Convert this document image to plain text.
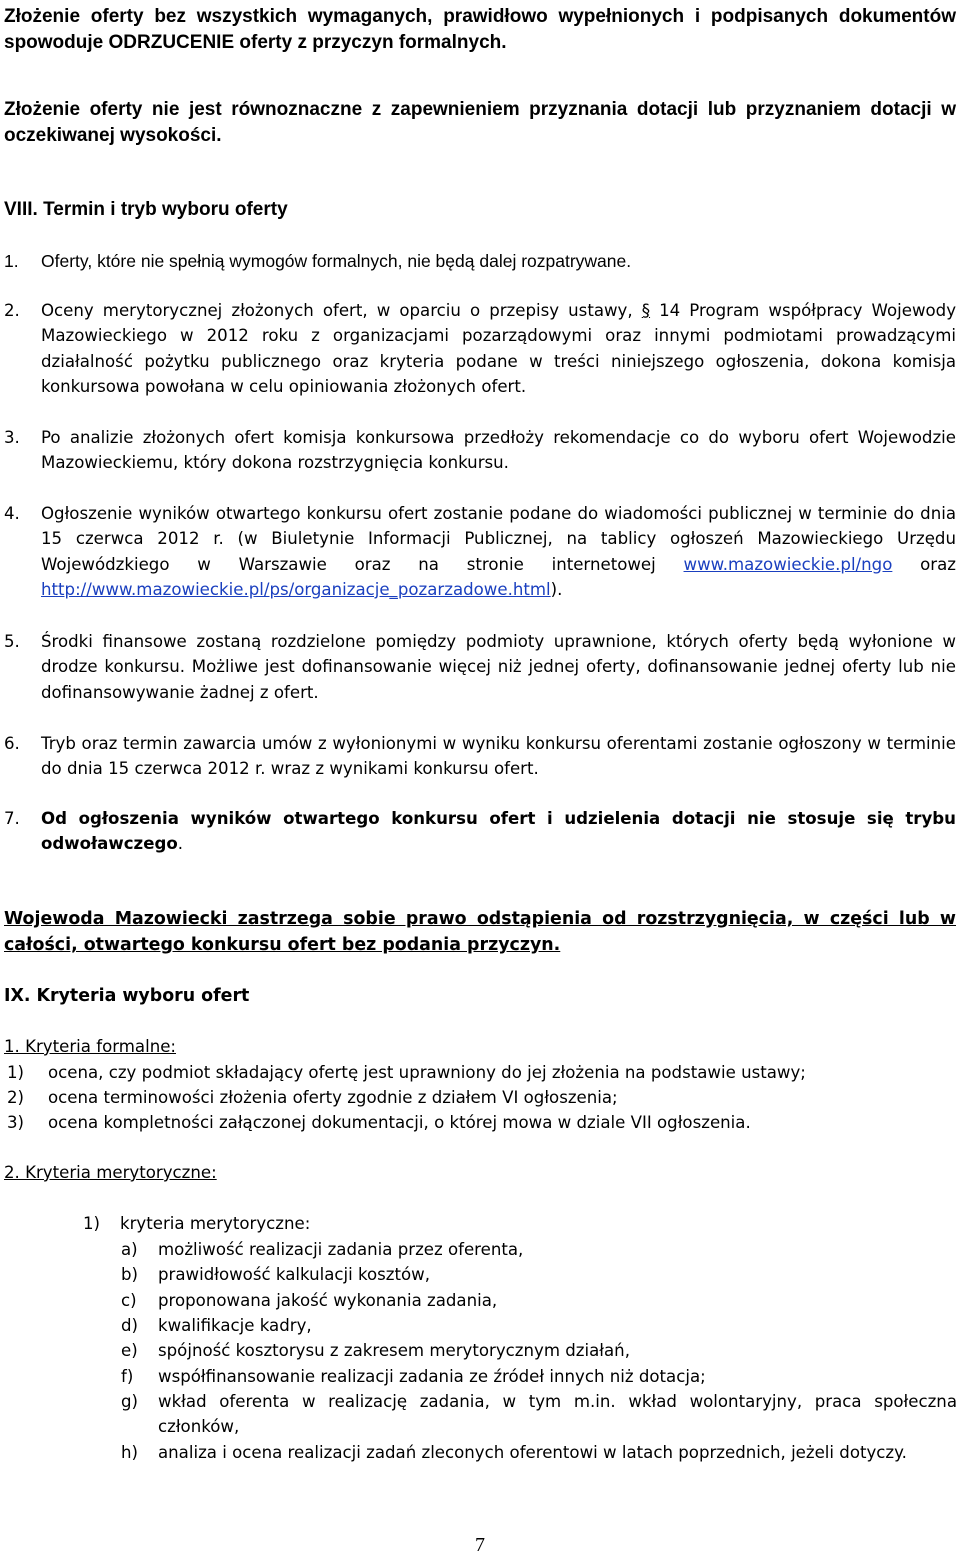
Złożenie oferty bez wszystkich wymaganych, prawidłowo wypełnionych i podpisanych dokumentów spowoduje ODRZUCENIE oferty z przyczyn formalnych.

Złożenie oferty nie jest równoznaczne z zapewnieniem przyznania dotacji lub przyznaniem dotacji w oczekiwanej wysokości.

VIII. Termin i tryb wyboru oferty

1.	Oferty, które nie spełnią wymogów formalnych, nie będą dalej rozpatrywane.
2.	Oceny merytorycznej złożonych ofert, w oparciu o przepisy ustawy, § 14 Program współpracy Wojewody Mazowieckiego w 2012 roku z organizacjami pozarządowymi oraz innymi podmiotami prowadzącymi działalność pożytku publicznego oraz kryteria podane w treści niniejszego ogłoszenia, dokona komisja konkursowa powołana w celu opiniowania złożonych ofert.

3.	Po analizie złożonych ofert komisja konkursowa przedłoży rekomendacje co do wyboru ofert Wojewodzie Mazowieckiemu, który dokona rozstrzygnięcia konkursu.

4.	Ogłoszenie wyników otwartego konkursu ofert zostanie podane do wiadomości publicznej w terminie do dnia 15 czerwca 2012 r. (w Biuletynie Informacji Publicznej, na tablicy ogłoszeń Mazowieckiego Urzędu Wojewódzkiego w Warszawie oraz na stronie internetowej www.mazowieckie.pl/ngo oraz http://www.mazowieckie.pl/ps/organizacje_pozarzadowe.html).

5.	Środki finansowe zostaną rozdzielone pomiędzy podmioty uprawnione, których oferty będą wyłonione w drodze konkursu. Możliwe jest dofinansowanie więcej niż jednej oferty, dofinansowanie jednej oferty lub nie dofinansowywanie żadnej z ofert.

6.	Tryb oraz termin zawarcia umów z wyłonionymi w wyniku konkursu oferentami zostanie ogłoszony w terminie do dnia 15 czerwca 2012 r. wraz z wynikami konkursu ofert.

7.	Od ogłoszenia wyników otwartego konkursu ofert i udzielenia dotacji nie stosuje się trybu odwoławczego.

Wojewoda Mazowiecki zastrzega sobie prawo odstąpienia od rozstrzygnięcia, w części lub w całości, otwartego konkursu ofert bez podania przyczyn.

IX. Kryteria wyboru ofert

1. Kryteria formalne:

1)	ocena, czy podmiot składający ofertę jest uprawniony do jej złożenia na podstawie ustawy;
2)	ocena terminowości złożenia oferty zgodnie z działem VI ogłoszenia;
3)	ocena kompletności załączonej dokumentacji, o której mowa w dziale VII ogłoszenia.

2. Kryteria merytoryczne:

1)	kryteria merytoryczne:
a)	możliwość realizacji zadania przez oferenta,
b)	prawidłowość kalkulacji kosztów,
c)	proponowana jakość wykonania zadania,
d)	kwalifikacje kadry,
e)	spójność kosztorysu z zakresem merytorycznym działań,
f)	współfinansowanie realizacji zadania ze źródeł innych niż dotacja;
g)	wkład oferenta w realizację zadania, w tym m.in. wkład wolontaryjny, praca społeczna członków,

h)	analiza i ocena realizacji zadań zleconych oferentowi w latach poprzednich, jeżeli dotyczy.

7
